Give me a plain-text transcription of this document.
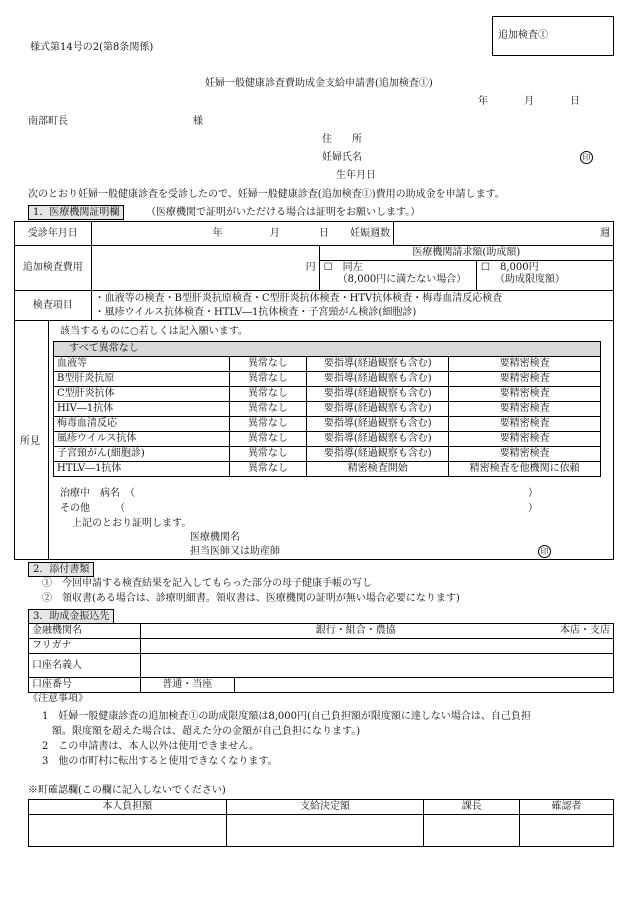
追加検査①
様式第14号の2(第8条関係)
妊婦一般健康診査費助成金支給申請書(追加検査①)
年	月	日
南部町長	様
住　　所
妊婦氏名	印
生年月日
次のとおり妊婦一般健康診査を受診したので、妊婦一般健康診査(追加検査①)費用の助成金を申請します。
1．医療機関証明欄	（医療機関で証明がいただける場合は証明をお願いします。）
受診年月日	年 月 日 妊娠週数		週
追加検査費用	円	医療機関請求額(助成額)
☐　同左
（8,000円に満たない場合）
☐　8,000円
（助成限度額）	

検査項目	・血液等の検査・B型肝炎抗原検査・C型肝炎抗体検査・HTV抗体検査・梅毒血清反応検査
・風疹ウイルス抗体検査・HTLV―1抗体検査・子宮頸がん検診(細胞診)		
所見
該当するものに○若しくは記入願います。
すべて異常なし			
血液等	異常なし	要指導(経過観察も含む)	要精密検査
B型肝炎抗原	異常なし	要指導(経過観察も含む)	要精密検査
C型肝炎抗体	異常なし	要指導(経過観察も含む)	要精密検査
HIV―1抗体	異常なし	要指導(経過観察も含む)	要精密検査
梅毒血清反応	異常なし	要指導(経過観察も含む)	要精密検査
風疹ウイルス抗体	異常なし	要指導(経過観察も含む)	要精密検査
子宮頸がん(細胞診)	異常なし	要指導(経過観察も含む)	要精密検査
HTLV―1抗体	異常なし	精密検査開始	精密検査を他機関に依頼
治療中　病名　（	）
その他　　　（	）
上記のとおり証明します。
医療機関名
担当医師又は助産師	印
2．添付書類
①　今回申請する検査結果を記入してもらった部分の母子健康手帳の写し
②　領収書(ある場合は、診療明細書。領収書は、医療機関の証明が無い場合必要になります)
3．助成金振込先
金融機関名	銀行・組合・農協 本店・支店	

フリガナ		
口座名義人		
口座番号	普通・当座	
《注意事項》
1　妊婦一般健康診査の追加検査①の助成限度額は8,000円(自己負担額が限度額に達しない場合は、自己負担
額。限度額を超えた場合は、超えた分の金額が自己負担になります。)
2　この申請書は、本人以外は使用できません。
3　他の市町村に転出すると使用できなくなります。
※町確認欄(この欄に記入しないでください)
本人負担額	支給決定額	課長	確認者
